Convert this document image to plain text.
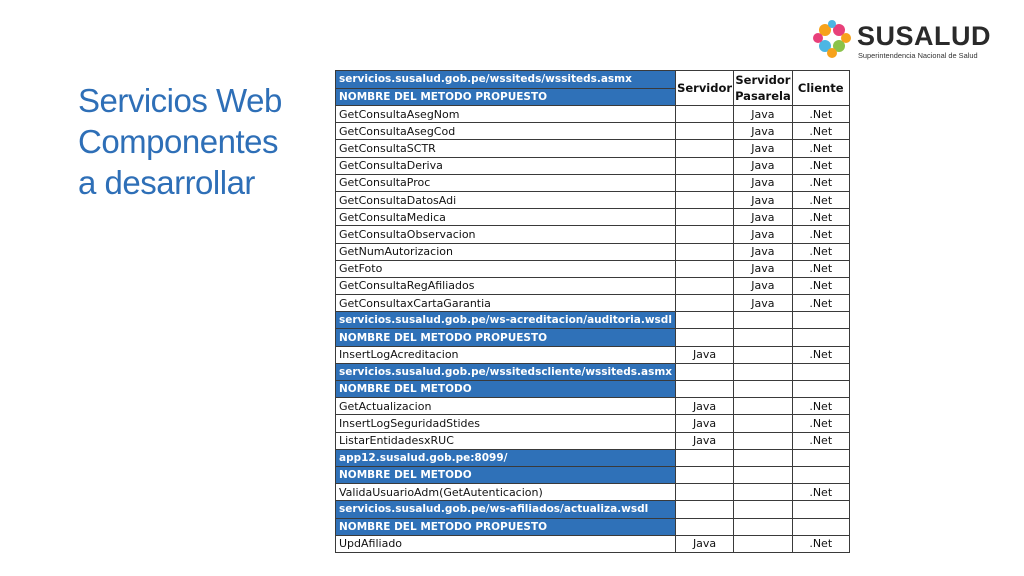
Servicios Web
Componentes
a desarrollar
SUSALUD
Superintendencia Nacional de Salud
servicios.susalud.gob.pe/wssiteds/wssiteds.asmx	Servidor	Servidor Pasarela	Cliente
NOMBRE DEL METODO PROPUESTO			
GetConsultaAsegNom		Java	.Net
GetConsultaAsegCod		Java	.Net
GetConsultaSCTR		Java	.Net
GetConsultaDeriva		Java	.Net
GetConsultaProc		Java	.Net
GetConsultaDatosAdi		Java	.Net
GetConsultaMedica		Java	.Net
GetConsultaObservacion		Java	.Net
GetNumAutorizacion		Java	.Net
GetFoto		Java	.Net
GetConsultaRegAfiliados		Java	.Net
GetConsultaxCartaGarantia		Java	.Net
servicios.susalud.gob.pe/ws-acreditacion/auditoria.wsdl			
NOMBRE DEL METODO PROPUESTO			
InsertLogAcreditacion	Java		.Net
servicios.susalud.gob.pe/wssitedscliente/wssiteds.asmx			
NOMBRE DEL METODO			
GetActualizacion	Java		.Net
InsertLogSeguridadStides	Java		.Net
ListarEntidadesxRUC	Java		.Net
app12.susalud.gob.pe:8099/			
NOMBRE DEL METODO			
ValidaUsuarioAdm(GetAutenticacion)			.Net
servicios.susalud.gob.pe/ws-afiliados/actualiza.wsdl			
NOMBRE DEL METODO PROPUESTO			
UpdAfiliado	Java		.Net
